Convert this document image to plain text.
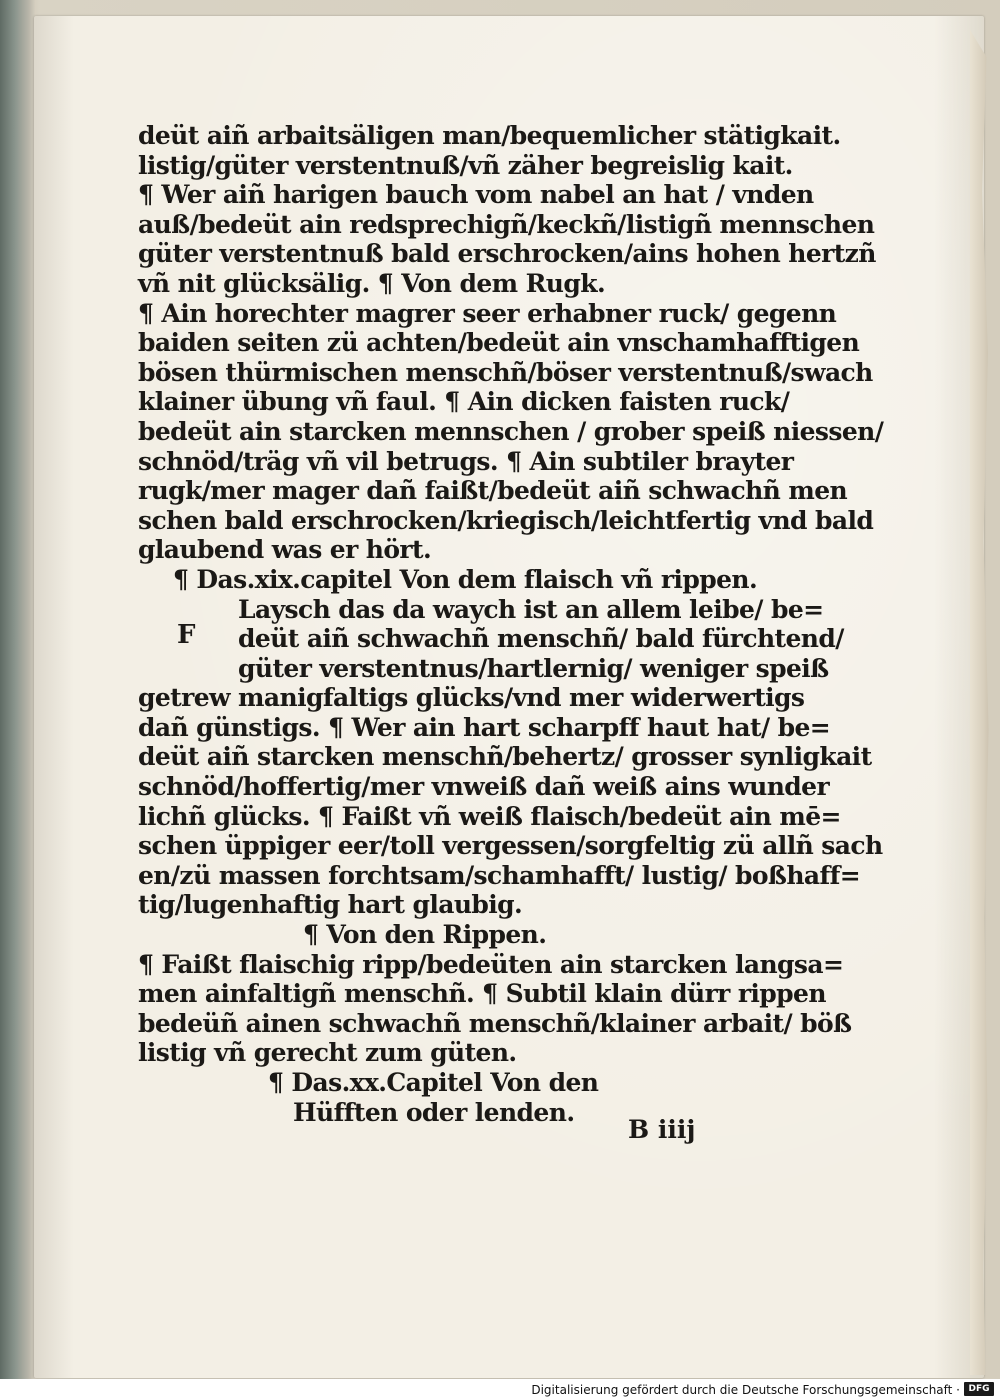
deüt aiñ arbaitsäligen man/bequemlicher stätigkait.
listig/güter verstentnuß/vñ zäher begreislig kait.
¶ Wer aiñ harigen bauch vom nabel an hat / vnden
auß/bedeüt ain redsprechigñ/keckñ/listigñ mennschen
güter verstentnuß bald erschrocken/ains hohen hertzñ
vñ nit glücksälig. ¶ Von dem Rugk.
¶ Ain horechter magrer seer erhabner ruck/ gegenn
baiden seiten zü achten/bedeüt ain vnschamhafftigen
bösen thürmischen menschñ/böser verstentnuß/swach
klainer übung vñ faul. ¶ Ain dicken faisten ruck/
bedeüt ain starcken mennschen / grober speiß niessen/
schnöd/träg vñ vil betrugs. ¶ Ain subtiler brayter
rugk/mer mager dañ faißt/bedeüt aiñ schwachñ men
schen bald erschrocken/kriegisch/leichtfertig vnd bald
glaubend was er hört.
¶ Das.xix.capitel Von dem flaisch vñ rippen.
Laysch das da waych ist an allem leibe/ be=
deüt aiñ schwachñ menschñ/ bald fürchtend/
güter verstentnus/hartlernig/ weniger speiß
getrew manigfaltigs glücks/vnd mer widerwertigs
dañ günstigs. ¶ Wer ain hart scharpff haut hat/ be=
deüt aiñ starcken menschñ/behertz/ grosser synligkait
schnöd/hoffertig/mer vnweiß dañ weiß ains wunder
lichñ glücks. ¶ Faißt vñ weiß flaisch/bedeüt ain mē=
schen üppiger eer/toll vergessen/sorgfeltig zü allñ sach
en/zü massen forchtsam/schamhafft/ lustig/ boßhaff=
tig/lugenhaftig hart glaubig.
¶ Von den Rippen.
¶ Faißt flaischig ripp/bedeüten ain starcken langsa=
men ainfaltigñ menschñ. ¶ Subtil klain dürr rippen
bedeüñ ainen schwachñ menschñ/klainer arbait/ böß
listig vñ gerecht zum güten.
¶ Das.xx.Capitel Von den
Hüfften oder lenden.
F
B iiij
Digitalisierung gefördert durch die Deutsche Forschungsgemeinschaft · DFG
